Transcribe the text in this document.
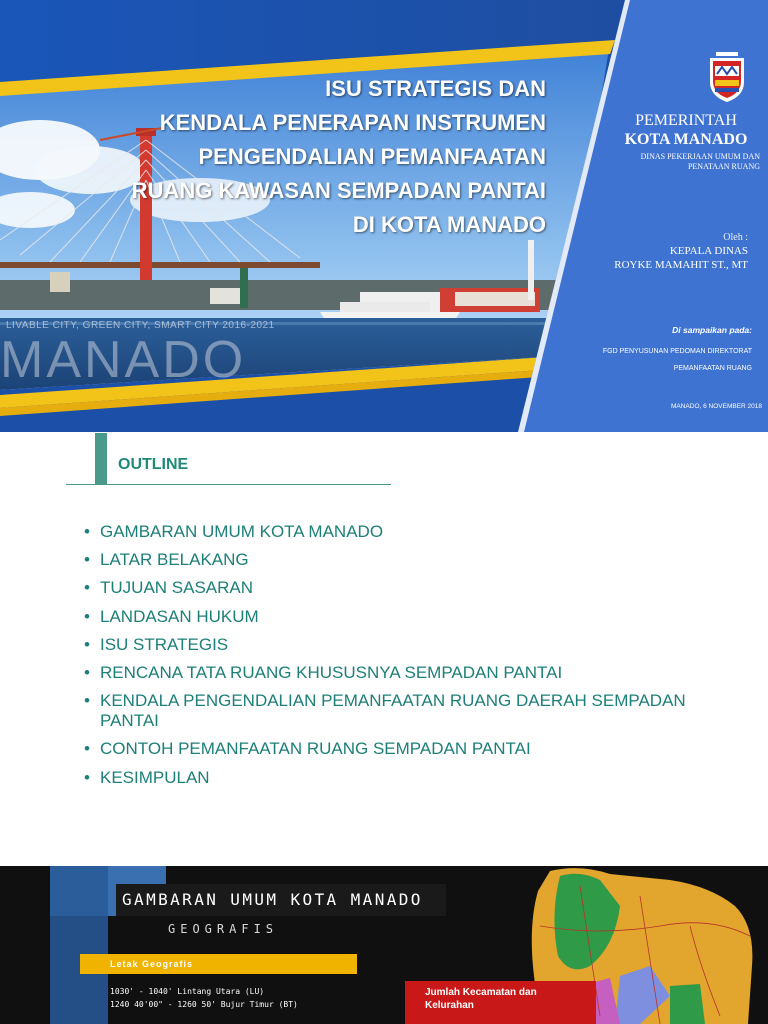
ISU STRATEGIS DAN
KENDALA PENERAPAN INSTRUMEN
PENGENDALIAN PEMANFAATAN
RUANG KAWASAN SEMPADAN PANTAI
DI KOTA MANADO
LIVABLE CITY, GREEN CITY, SMART CITY 2016-2021
MANADO
PEMERINTAH
KOTA MANADO
DINAS PEKERJAAN UMUM DAN
PENATAAN RUANG
Oleh :
KEPALA DINAS
ROYKE MAMAHIT ST., MT
Di sampaikan pada:
FGD PENYUSUNAN PEDOMAN DIREKTORAT
PEMANFAATAN RUANG
MANADO, 6 NOVEMBER 2018
OUTLINE
• GAMBARAN UMUM KOTA MANADO
• LATAR BELAKANG
• TUJUAN SASARAN
• LANDASAN HUKUM
• ISU STRATEGIS
• RENCANA TATA RUANG KHUSUSNYA SEMPADAN PANTAI
• KENDALA PENGENDALIAN PEMANFAATAN RUANG DAERAH SEMPADAN PANTAI
• CONTOH PEMANFAATAN RUANG SEMPADAN PANTAI
• KESIMPULAN
GAMBARAN UMUM KOTA MANADO
GEOGRAFIS
Letak Geografis
1030' - 1040' Lintang Utara (LU)
1240 40'00" - 1260 50' Bujur Timur (BT)
Jumlah Kecamatan dan Kelurahan
